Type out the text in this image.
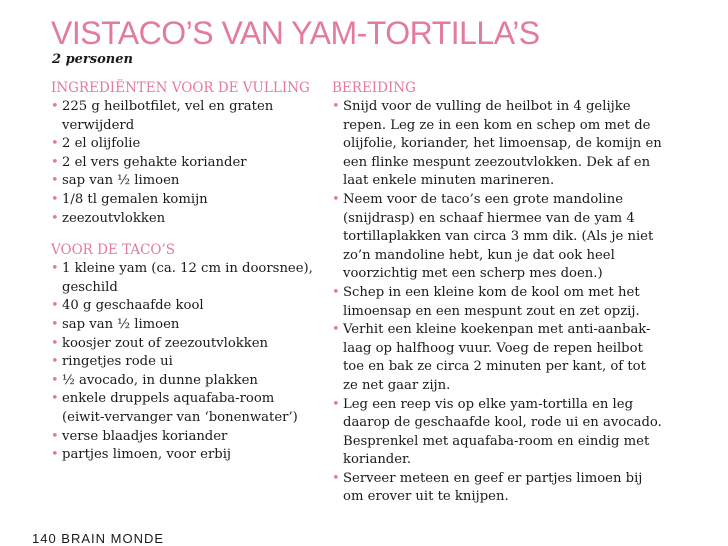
VISTACO’S VAN YAM-TORTILLA’S
2 personen
INGREDIËNTEN VOOR DE VULLING
• 225 g heilbotfilet, vel en graten verwijderd
• 2 el olijfolie
• 2 el vers gehakte koriander
• sap van ½ limoen
• 1/8 tl gemalen komijn
• zeezoutvlokken
VOOR DE TACO’S
• 1 kleine yam (ca. 12 cm in doorsnee), geschild
• 40 g geschaafde kool
• sap van ½ limoen
• koosjer zout of zeezoutvlokken
• ringetjes rode ui
• ½ avocado, in dunne plakken
• enkele druppels aquafaba-room (eiwit-vervanger van ‘bonenwater’)
• verse blaadjes koriander
• partjes limoen, voor erbij
BEREIDING
• Snijd voor de vulling de heilbot in 4 gelijke repen. Leg ze in een kom en schep om met de olijfolie, koriander, het limoensap, de komijn en een flinke mespunt zeezoutvlokken. Dek af en laat enkele minuten marineren.
• Neem voor de taco’s een grote mandoline (snijdrasp) en schaaf hiermee van de yam 4 tortillaplakken van circa 3 mm dik. (Als je niet zo’n mandoline hebt, kun je dat ook heel voorzichtig met een scherp mes doen.)
• Schep in een kleine kom de kool om met het limoensap en een mespunt zout en zet opzij.
• Verhit een kleine koekenpan met anti-aanbak-laag op halfhoog vuur. Voeg de repen heilbot toe en bak ze circa 2 minuten per kant, of tot ze net gaar zijn.
• Leg een reep vis op elke yam-tortilla en leg daarop de geschaafde kool, rode ui en avocado. Besprenkel met aquafaba-room en eindig met koriander.
• Serveer meteen en geef er partjes limoen bij om erover uit te knijpen.
140 BRAIN MONDE
